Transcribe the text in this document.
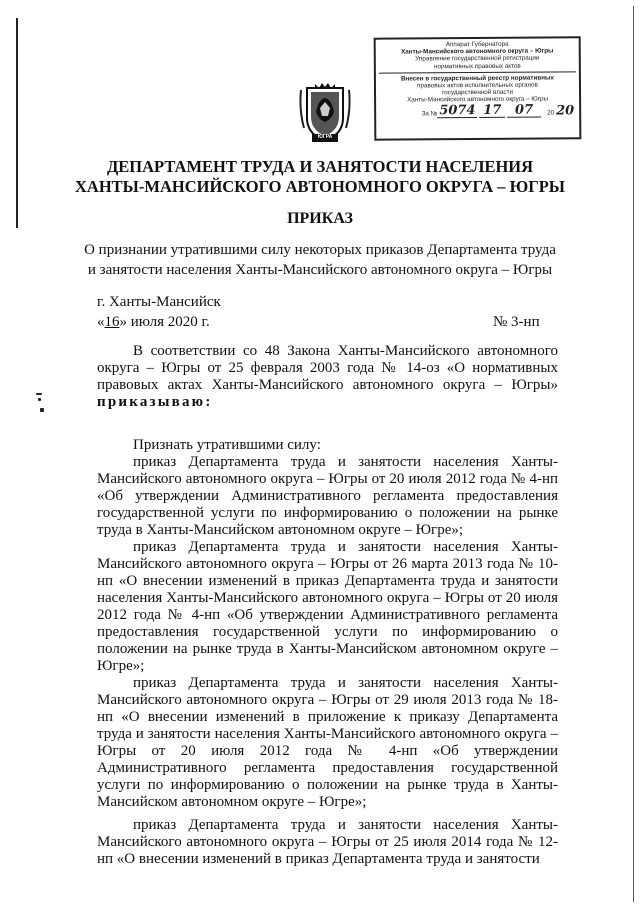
ЮГРА
Аппарат Губернатора
Ханты-Мансийского автономного округа – Югры
Управление государственной регистрации
нормативных правовых актов
Внесен в государственный реестр нормативных
правовых актов исполнительных органов
государственной власти
Ханты-Мансийского автономного округа – Югры
За № 5074
17
	07	20 20
ДЕПАРТАМЕНТ ТРУДА И ЗАНЯТОСТИ НАСЕЛЕНИЯ
ХАНТЫ-МАНСИЙСКОГО АВТОНОМНОГО ОКРУГА – ЮГРЫ
ПРИКАЗ
О признании утратившими силу некоторых приказов Департамента труда
и занятости населения Ханты-Мансийского автономного округа – Югры
г. Ханты-Мансийск
«16» июля 2020 г.	№ 3-нп

В соответствии со 48 Закона Ханты-Мансийского автономного округа – Югры от 25 февраля 2003 года № 14-оз «О нормативных правовых актах Ханты-Мансийского автономного округа – Югры» приказываю:

Признать утратившими силу:

приказ Департамента труда и занятости населения Ханты-Мансийского автономного округа – Югры от 20 июля 2012 года № 4-нп «Об утверждении Административного регламента предоставления государственной услуги по информированию о положении на рынке труда в Ханты-Мансийском автономном округе – Югре»;

приказ Департамента труда и занятости населения Ханты-Мансийского автономного округа – Югры от 26 марта 2013 года № 10-нп «О внесении изменений в приказ Департамента труда и занятости населения Ханты-Мансийского автономного округа – Югры от 20 июля 2012 года № 4-нп «Об утверждении Административного регламента предоставления государственной услуги по информированию о положении на рынке труда в Ханты-Мансийском автономном округе – Югре»;

приказ Департамента труда и занятости населения Ханты-Мансийского автономного округа – Югры от 29 июля 2013 года № 18-нп «О внесении изменений в приложение к приказу Департамента труда и занятости населения Ханты-Мансийского автономного округа – Югры от 20 июля 2012 года № 4-нп «Об утверждении Административного регламента предоставления государственной услуги по информированию о положении на рынке труда в Ханты-Мансийском автономном округе – Югре»;

приказ Департамента труда и занятости населения Ханты-Мансийского автономного округа – Югры от 25 июля 2014 года № 12-нп «О внесении изменений в приказ Департамента труда и занятости
